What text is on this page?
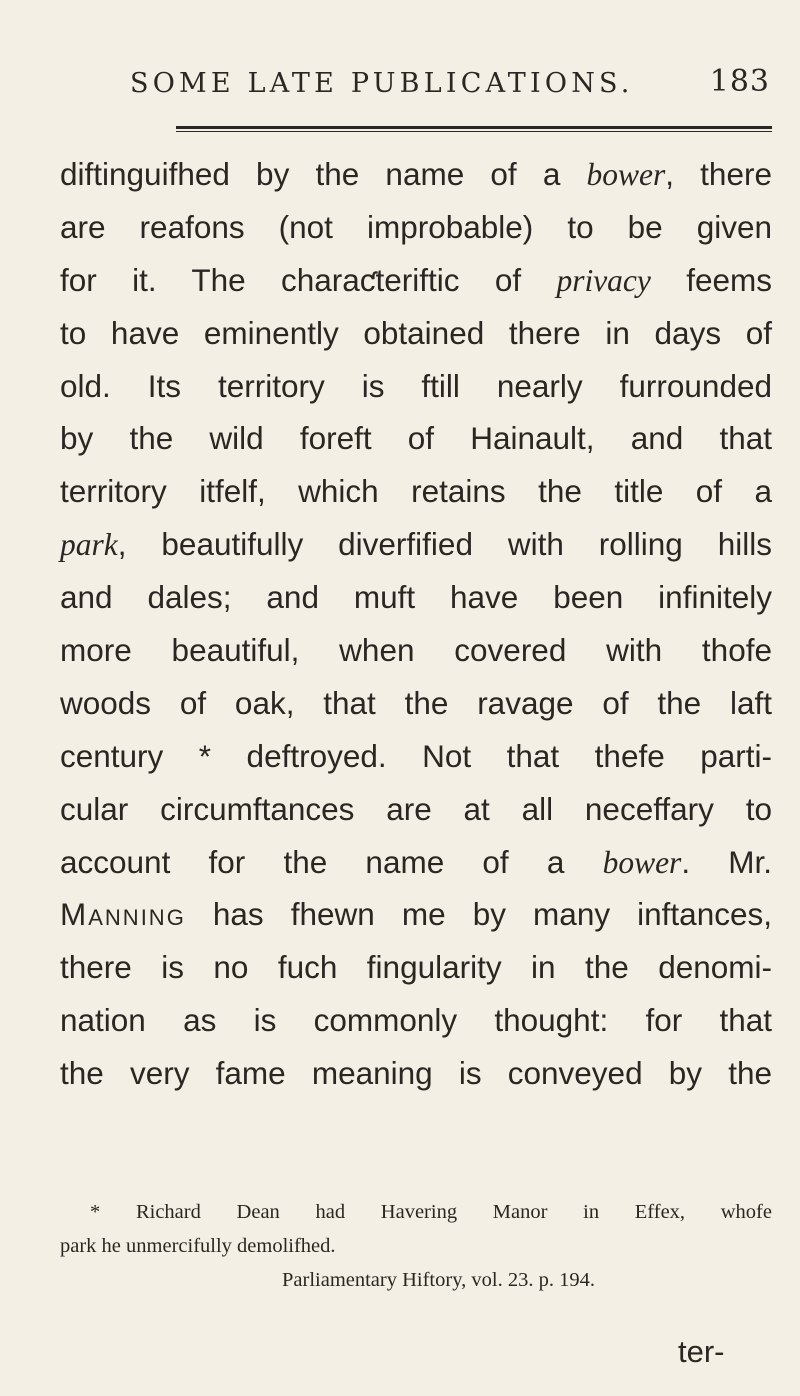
SOME LATE PUBLICATIONS.	183
diftinguifhed by the name of a bower, there
are reafons (not improbable) to be given
for it. The charaƈteriftic of privacy feems
to have eminently obtained there in days of
old. Its territory is ftill nearly furrounded
by the wild foreft of Hainault, and that
territory itfelf, which retains the title of a
park, beautifully diverfified with rolling hills
and dales; and muft have been infinitely
more beautiful, when covered with thofe
woods of oak, that the ravage of the laft
century * deftroyed. Not that thefe parti-
cular circumftances are at all neceffary to
account for the name of a bower. Mr.
Manning has fhewn me by many inftances,
there is no fuch fingularity in the denomi-
nation as is commonly thought: for that
the very fame meaning is conveyed by the
* Richard Dean had Havering Manor in Effex, whofe
park he unmercifully demolifhed.
Parliamentary Hiftory, vol. 23. p. 194.
ter-
